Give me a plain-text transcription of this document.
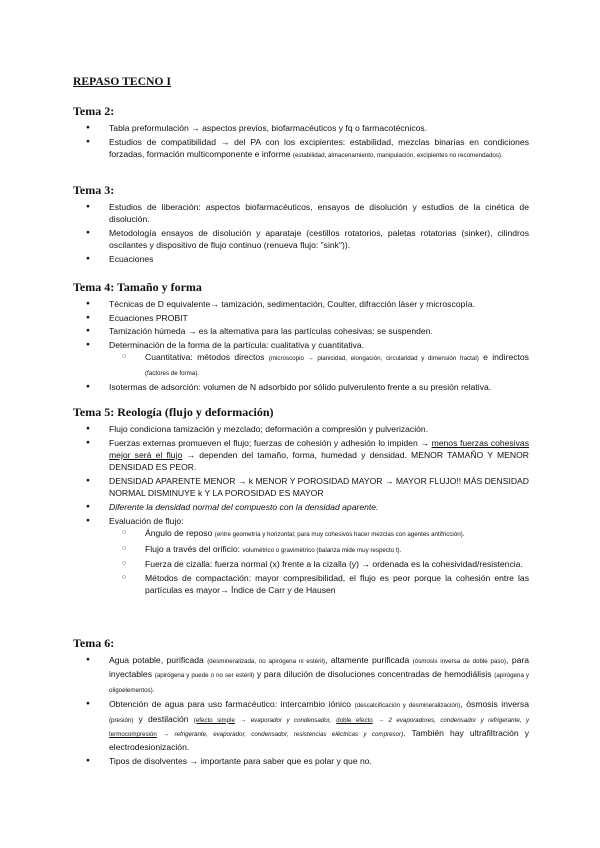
REPASO TECNO I
Tema 2:
● Tabla preformulación → aspectos previos, biofarmacéuticos y fq o farmacotécnicos.
● Estudios de compatibilidad → del PA con los excipientes: estabilidad, mezclas binarias en condiciones forzadas, formación multicomponente e informe (estabilidad, almacenamiento, manipulación, excipientes no recomendados).
Tema 3:
● Estudios de liberación: aspectos biofarmacéuticos, ensayos de disolución y estudios de la cinética de disolución.
● Metodología ensayos de disolución y aparataje (cestillos rotatorios, paletas rotatorias (sinker), cilindros oscilantes y dispositivo de flujo continuo (renueva flujo: "sink")).
● Ecuaciones
Tema 4: Tamaño y forma
● Técnicas de D equivalente→ tamización, sedimentación, Coulter, difracción láser y microscopía.
● Ecuaciones PROBIT
● Tamización húmeda → es la alternativa para las partículas cohesivas: se suspenden.
● Determinación de la forma de la partícula: cualitativa y cuantitativa.
○ Cuantitativa: métodos directos (microscopio → planicidad, elongación, circularidad y dimensión fractal) e indirectos (factores de forma).
● Isotermas de adsorción: volumen de N adsorbido por sólido pulverulento frente a su presión relativa.
Tema 5: Reología (flujo y deformación)
● Flujo condiciona tamización y mezclado; deformación a compresión y pulverización.
● Fuerzas externas promueven el flujo; fuerzas de cohesión y adhesión lo impiden → menos fuerzas cohesivas mejor será el flujo → dependen del tamaño, forma, humedad y densidad. MENOR TAMAÑO Y MENOR DENSIDAD ES PEOR.
● DENSIDAD APARENTE MENOR → k MENOR Y POROSIDAD MAYOR → MAYOR FLUJO!! MÁS DENSIDAD NORMAL DISMINUYE k Y LA POROSIDAD ES MAYOR
● Diferente la densidad normal del compuesto con la densidad aparente.
● Evaluación de flujo:
○ Ángulo de reposo (entre geometría y horizontal; para muy cohesivos hacer mezclas con agentes antifricción).
○ Flujo a través del orificio: volumétrico o gravimétrico (balanza mide muy respecto t).
○ Fuerza de cizalla: fuerza normal (x) frente a la cizalla (y) → ordenada es la cohesividad/resistencia.
○ Métodos de compactación: mayor compresibilidad, el flujo es peor porque la cohesión entre las partículas es mayor→ Índice de Carr y de Hausen
Tema 6:
● Agua potable, purificada (desmineralizada, no apirógena ni estéril), altamente purificada (ósmosis inversa de doble paso), para inyectables (apirógena y puede o no ser estéril) y para dilución de disoluciones concentradas de hemodiálisis (apirógena y oligoelementos).
● Obtención de agua para uso farmacéutico: intercambio iónico (descalcificación y desmineralización), ósmosis inversa (presión) y destilación (efecto simple → evaporador y condensador, doble efecto → 2 evaporadores, condensador y refrigerante, y termocompresión → refrigerante, evaporador, condensador, resistencias eléctricas y compresor). También hay ultrafiltración y electrodesionización.
● Tipos de disolventes → importante para saber que es polar y que no.
